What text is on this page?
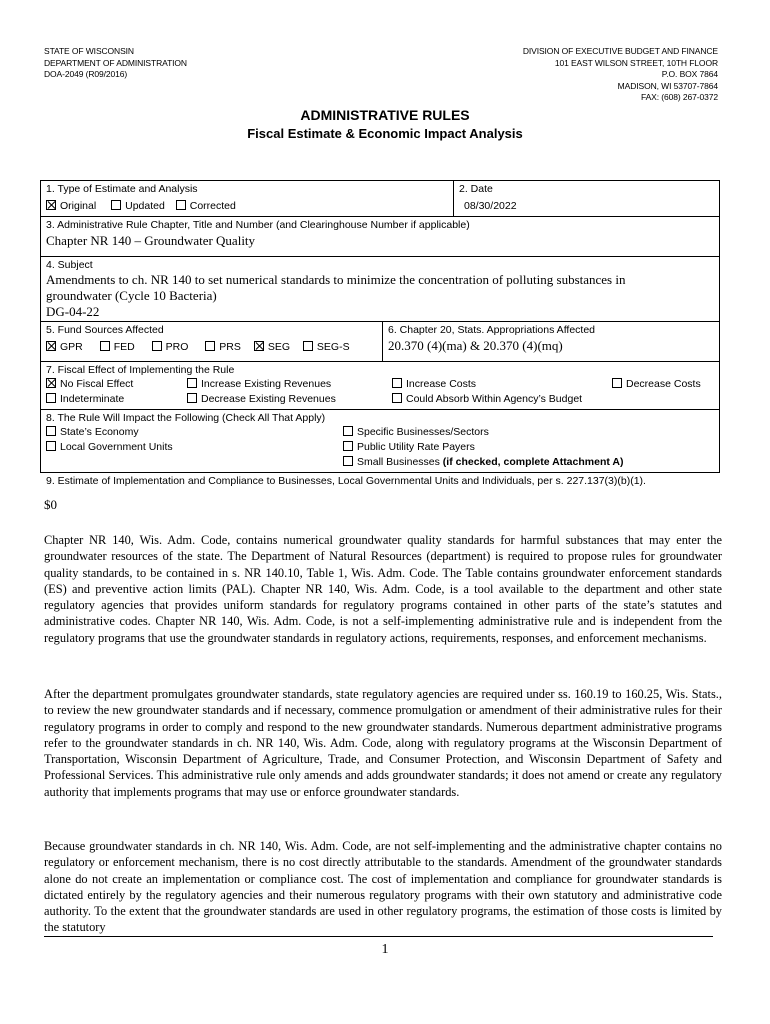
STATE OF WISCONSIN
DEPARTMENT OF ADMINISTRATION
DOA-2049 (R09/2016)
DIVISION OF EXECUTIVE BUDGET AND FINANCE
101 EAST WILSON STREET, 10TH FLOOR
P.O. BOX 7864
MADISON, WI 53707-7864
FAX: (608) 267-0372
ADMINISTRATIVE RULES
Fiscal Estimate & Economic Impact Analysis
1. Type of Estimate and Analysis
Original	Updated Corrected
2. Date
08/30/2022
3. Administrative Rule Chapter, Title and Number (and Clearinghouse Number if applicable)
Chapter NR 140 – Groundwater Quality
4. Subject
Amendments to ch. NR 140 to set numerical standards to minimize the concentration of polluting substances in
groundwater (Cycle 10 Bacteria)
DG-04-22
5. Fund Sources Affected
GPR	FED	PRO	PRS	SEG	SEG-S
6. Chapter 20, Stats. Appropriations Affected
20.370 (4)(ma) & 20.370 (4)(mq)
7. Fiscal Effect of Implementing the Rule
No Fiscal Effect	Increase Existing Revenues	Increase Costs	Decrease Costs
Indeterminate	Decrease Existing Revenues	Could Absorb Within Agency’s Budget
8. The Rule Will Impact the Following (Check All That Apply)
State’s Economy	Specific Businesses/Sectors
Local Government Units	Public Utility Rate Payers
Small Businesses (if checked, complete Attachment A)
9. Estimate of Implementation and Compliance to Businesses, Local Governmental Units and Individuals, per s. 227.137(3)(b)(1).
$0
Chapter NR 140, Wis. Adm. Code, contains numerical groundwater quality standards for harmful substances that may enter the groundwater resources of the state. The Department of Natural Resources (department) is required to propose rules for groundwater quality standards, to be contained in s. NR 140.10, Table 1, Wis. Adm. Code. The Table contains groundwater enforcement standards (ES) and preventive action limits (PAL). Chapter NR 140, Wis. Adm. Code, is a tool available to the department and other state regulatory agencies that provides uniform standards for regulatory programs contained in other parts of the state’s statutes and administrative codes. Chapter NR 140, Wis. Adm. Code, is not a self-implementing administrative rule and is independent from the regulatory programs that use the groundwater standards in regulatory actions, requirements, responses, and enforcement mechanisms.
After the department promulgates groundwater standards, state regulatory agencies are required under ss. 160.19 to 160.25, Wis. Stats., to review the new groundwater standards and if necessary, commence promulgation or amendment of their administrative rules for their regulatory programs in order to comply and respond to the new groundwater standards. Numerous department administrative programs refer to the groundwater standards in ch. NR 140, Wis. Adm. Code, along with regulatory programs at the Wisconsin Department of Transportation, Wisconsin Department of Agriculture, Trade, and Consumer Protection, and Wisconsin Department of Safety and Professional Services. This administrative rule only amends and adds groundwater standards; it does not amend or create any regulatory authority that implements programs that may use or enforce groundwater standards.
Because groundwater standards in ch. NR 140, Wis. Adm. Code, are not self-implementing and the administrative chapter contains no regulatory or enforcement mechanism, there is no cost directly attributable to the standards. Amendment of the groundwater standards alone do not create an implementation or compliance cost. The cost of implementation and compliance for groundwater standards is dictated entirely by the regulatory agencies and their numerous regulatory programs with their own statutory and administrative code authority. To the extent that the groundwater standards are used in other regulatory programs, the estimation of those costs is limited by the statutory
1
